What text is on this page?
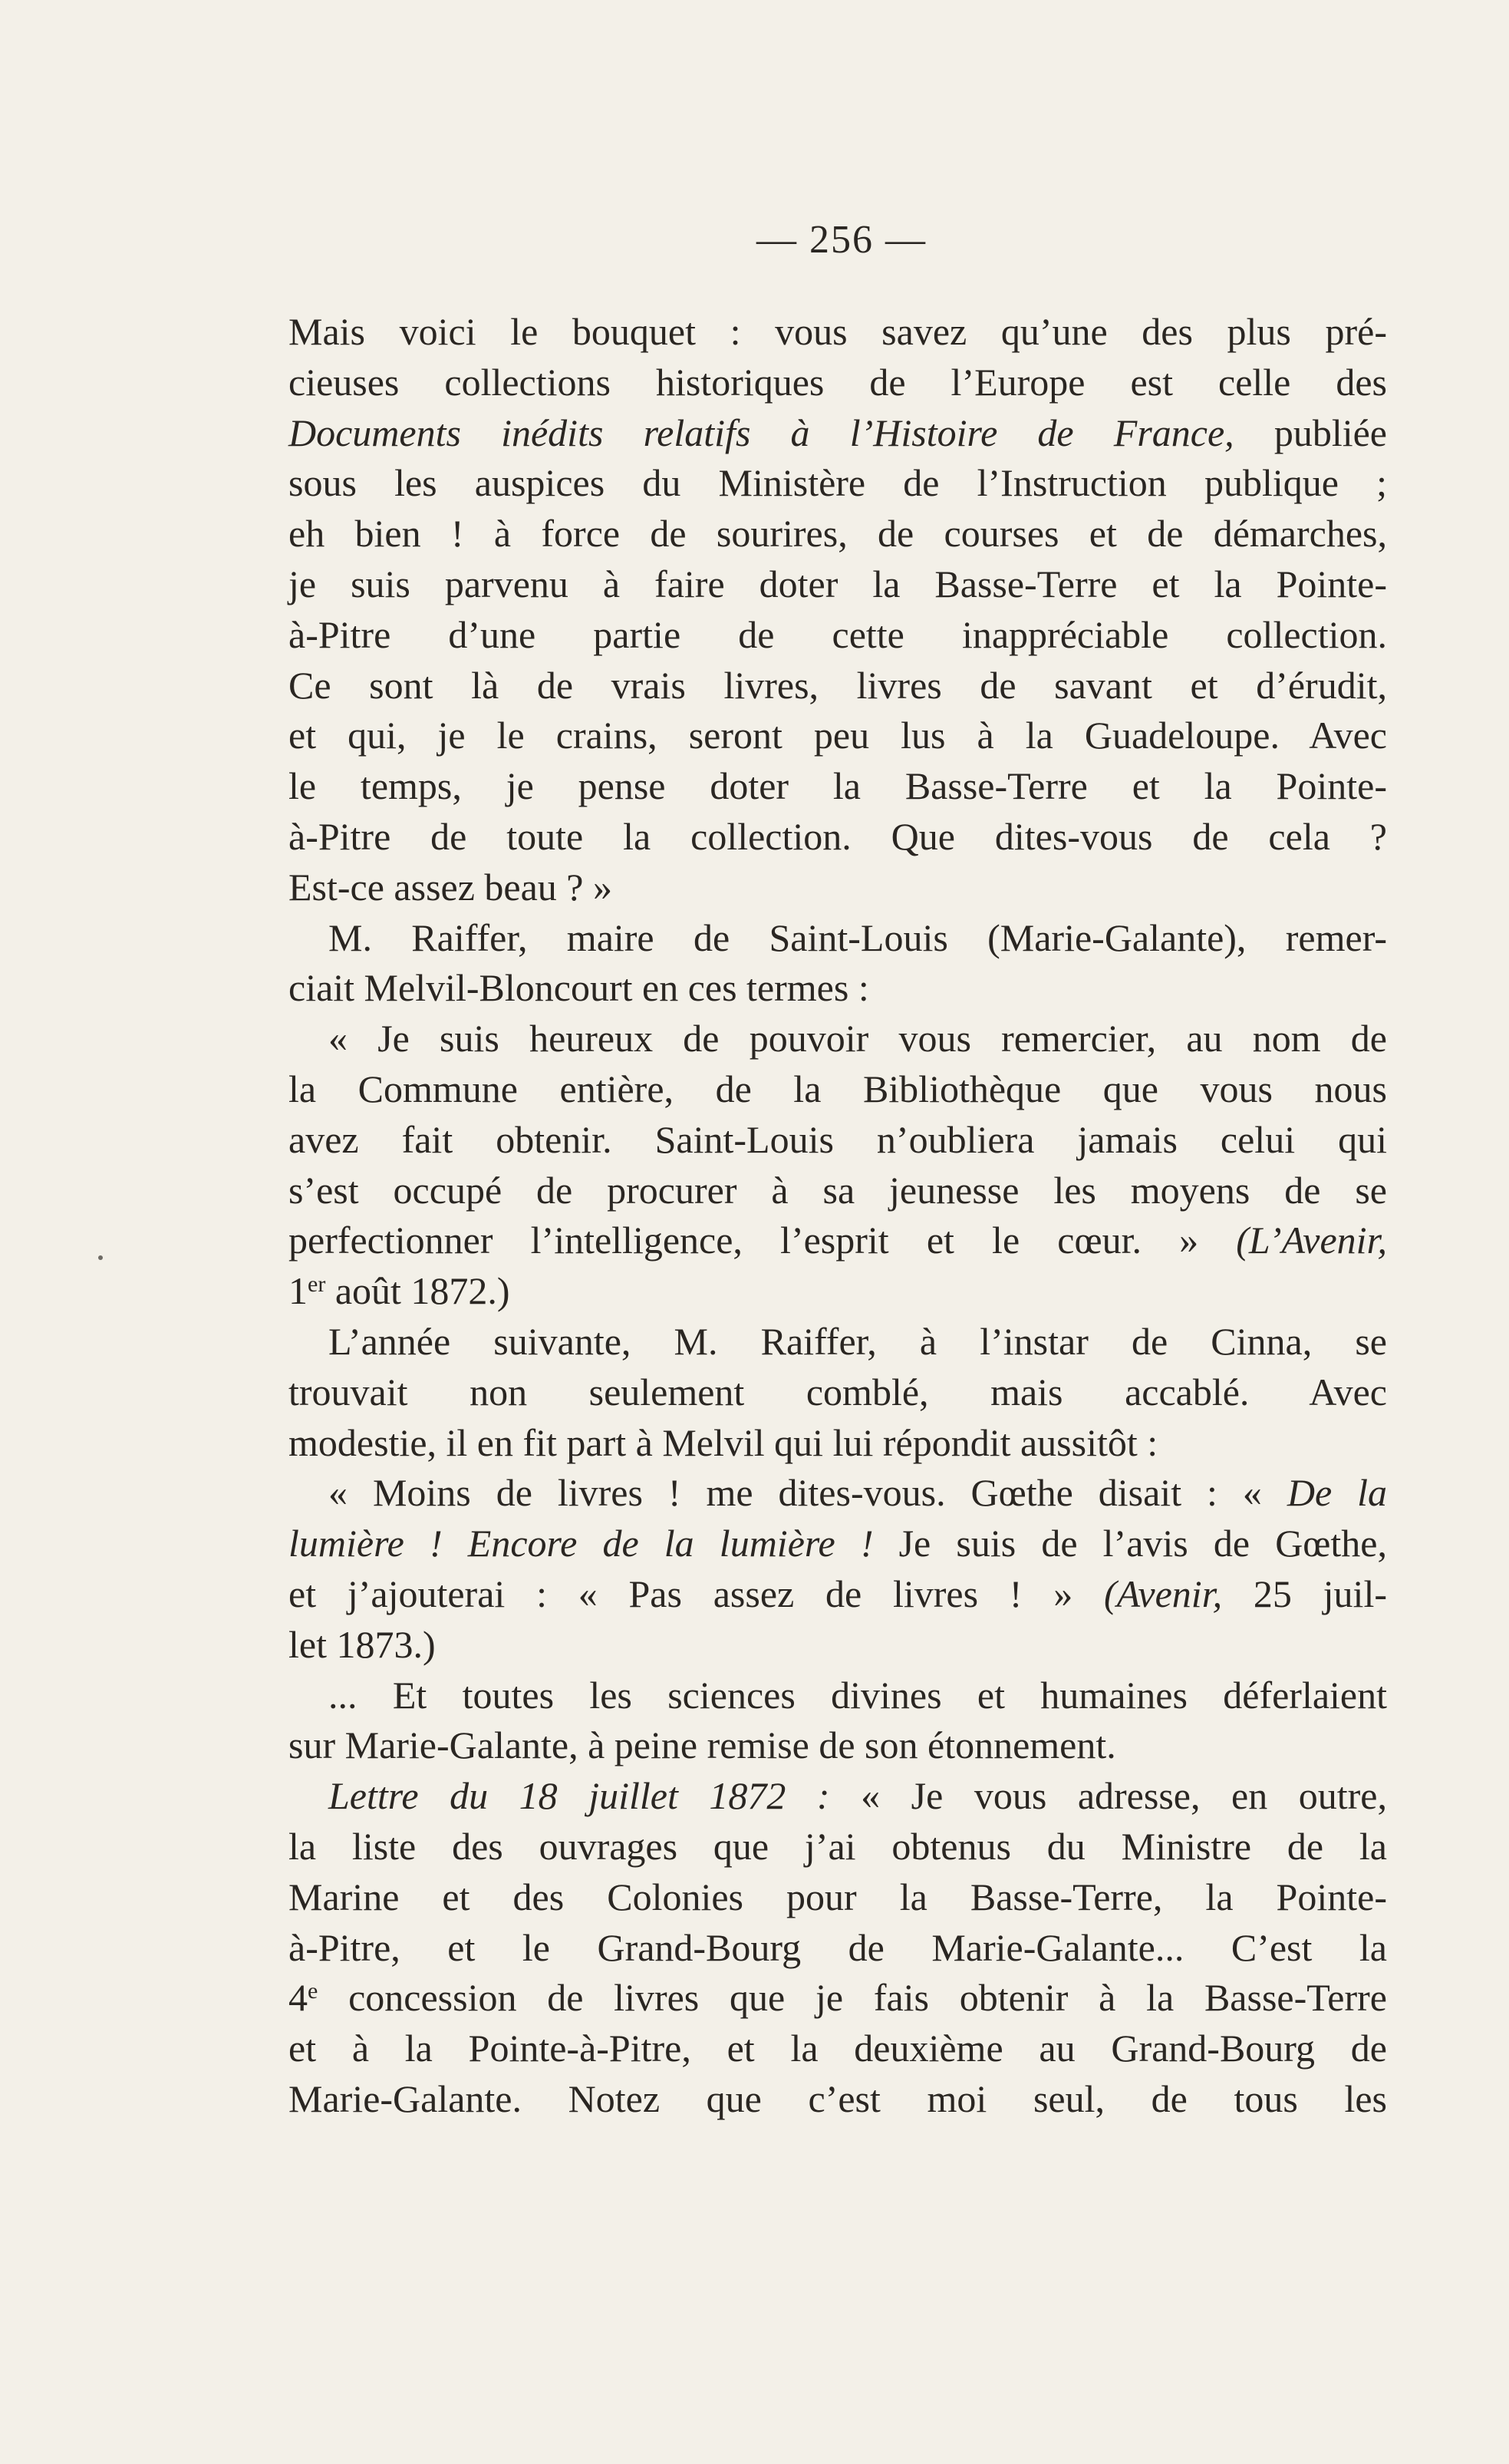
— 256 —
Mais voici le bouquet : vous savez qu’une des plus pré-
cieuses collections historiques de l’Europe est celle des
Documents inédits relatifs à l’Histoire de France, publiée
sous les auspices du Ministère de l’Instruction publique ;
eh bien ! à force de sourires, de courses et de démarches,
je suis parvenu à faire doter la Basse-Terre et la Pointe-
à-Pitre d’une partie de cette inappréciable collection.
Ce sont là de vrais livres, livres de savant et d’érudit,
et qui, je le crains, seront peu lus à la Guadeloupe. Avec
le temps, je pense doter la Basse-Terre et la Pointe-
à-Pitre de toute la collection. Que dites-vous de cela ?
Est-ce assez beau ? »
M. Raiffer, maire de Saint-Louis (Marie-Galante), remer-
ciait Melvil-Bloncourt en ces termes :
« Je suis heureux de pouvoir vous remercier, au nom de
la Commune entière, de la Bibliothèque que vous nous
avez fait obtenir. Saint-Louis n’oubliera jamais celui qui
s’est occupé de procurer à sa jeunesse les moyens de se
perfectionner l’intelligence, l’esprit et le cœur. » (L’Avenir,
1er août 1872.)
L’année suivante, M. Raiffer, à l’instar de Cinna, se
trouvait non seulement comblé, mais accablé. Avec
modestie, il en fit part à Melvil qui lui répondit aussitôt :
« Moins de livres ! me dites-vous. Gœthe disait : « De la
lumière ! Encore de la lumière ! Je suis de l’avis de Gœthe,
et j’ajouterai : « Pas assez de livres ! » (Avenir, 25 juil-
let 1873.)
... Et toutes les sciences divines et humaines déferlaient
sur Marie-Galante, à peine remise de son étonnement.
Lettre du 18 juillet 1872 : « Je vous adresse, en outre,
la liste des ouvrages que j’ai obtenus du Ministre de la
Marine et des Colonies pour la Basse-Terre, la Pointe-
à-Pitre, et le Grand-Bourg de Marie-Galante... C’est la
4e concession de livres que je fais obtenir à la Basse-Terre
et à la Pointe-à-Pitre, et la deuxième au Grand-Bourg de
Marie-Galante. Notez que c’est moi seul, de tous les
